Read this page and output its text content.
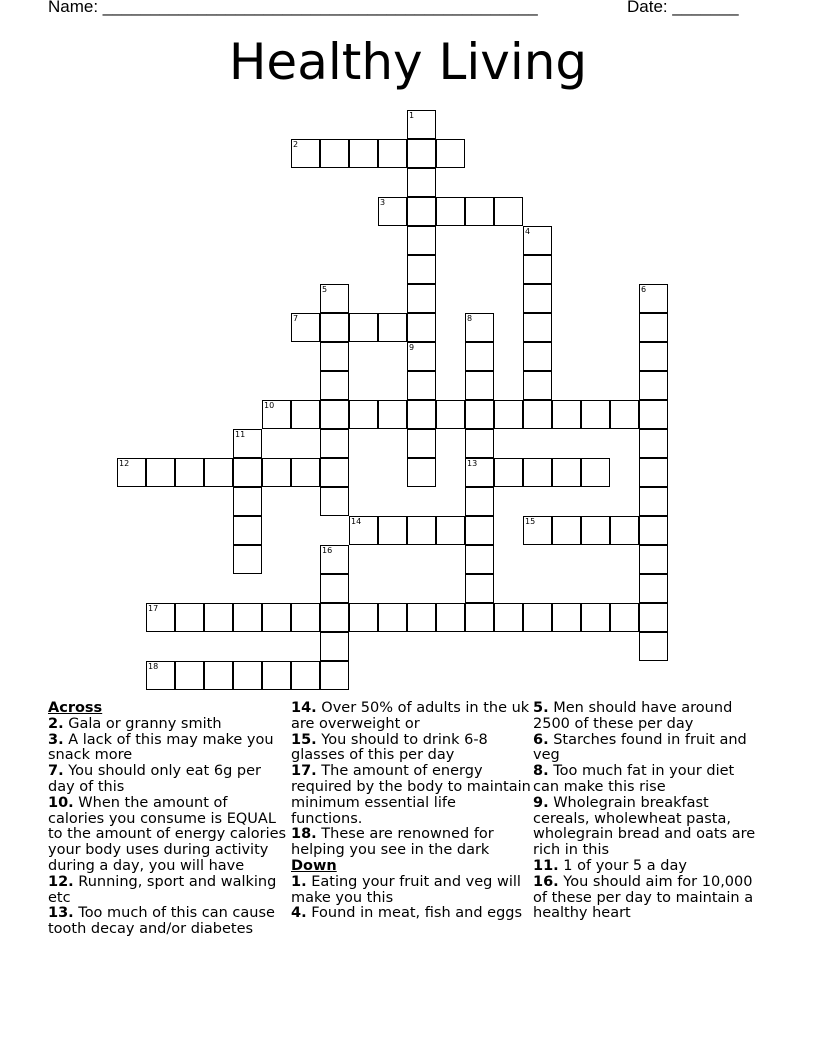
Name: ______________________________________________	Date: _______
Healthy Living
1
2
3
4
5	6
7	8
13
9
10
11
12
14	15
16
17
18

Across

2. Gala or granny smith

3. A lack of this may make you snack more

7. You should only eat 6g per day of this

10. When the amount of calories you consume is EQUAL to the amount of energy calories your body uses during activity during a day, you will have

12. Running, sport and walking etc

13. Too much of this can cause tooth decay and/or diabetes

14. Over 50% of adults in the uk are overweight or

15. You should to drink 6-8 glasses of this per day

17. The amount of energy required by the body to maintain minimum essential life functions.

18. These are renowned for helping you see in the dark

Down

1. Eating your fruit and veg will make you this

4. Found in meat, fish and eggs

5. Men should have around 2500 of these per day

6. Starches found in fruit and veg

8. Too much fat in your diet can make this rise

9. Wholegrain breakfast cereals, wholewheat pasta, wholegrain bread and oats are rich in this

11. 1 of your 5 a day

16. You should aim for 10,000 of these per day to maintain a healthy heart
